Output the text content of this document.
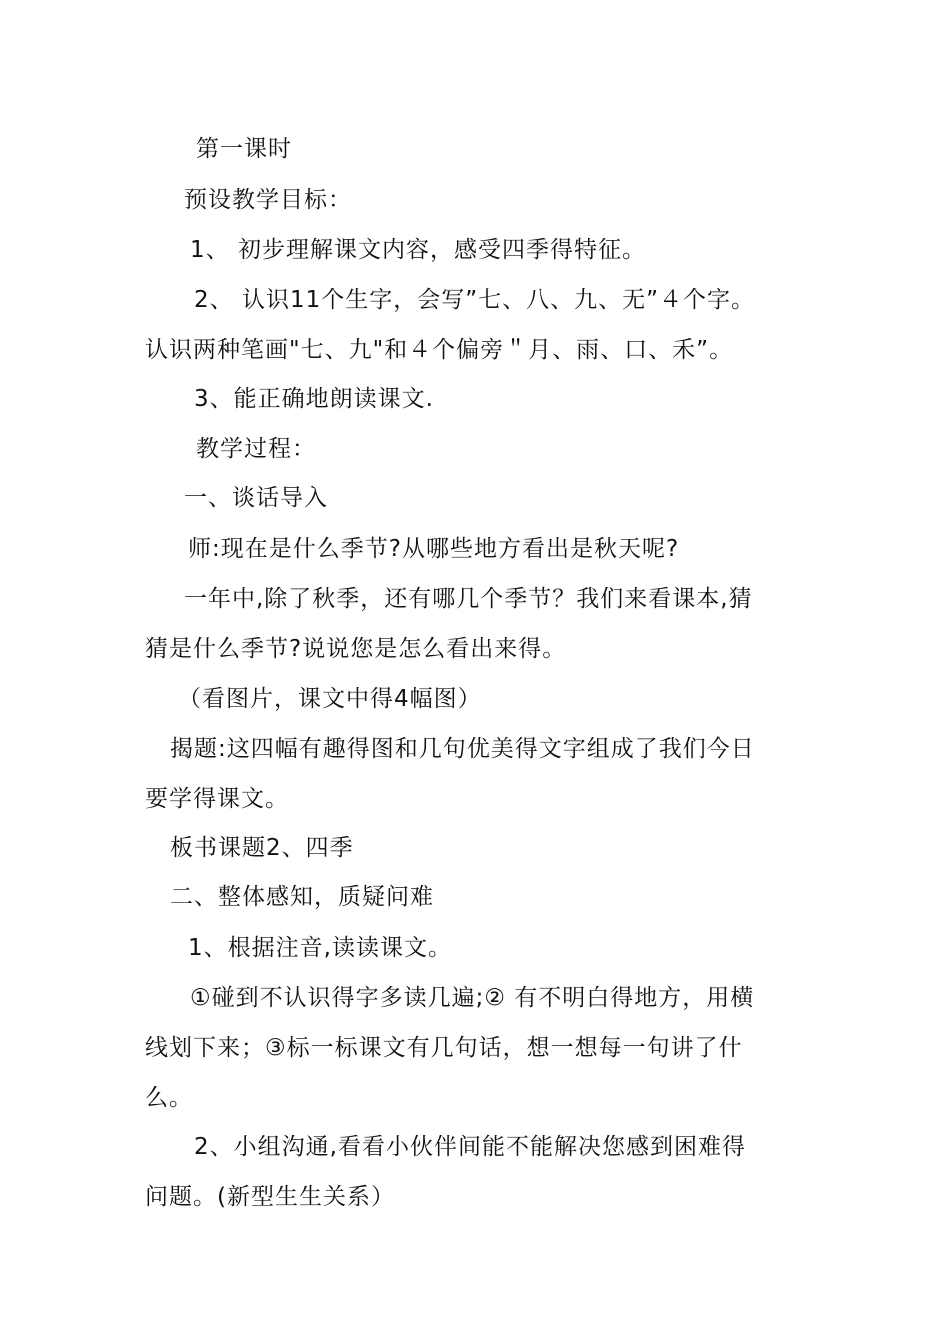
第一课时
预设教学目标：
1、 初步理解课文内容，感受四季得特征。
2、 认识11个生字，会写”七、八、九、无”４个字。
认识两种笔画"七、九"和４个偏旁＂月、雨、口、禾”。
3、能正确地朗读课文.
教学过程：
一、谈话导入
师:现在是什么季节?从哪些地方看出是秋天呢?
一年中,除了秋季，还有哪几个季节？我们来看课本,猜
猜是什么季节?说说您是怎么看出来得。
（看图片，课文中得4幅图）
揭题:这四幅有趣得图和几句优美得文字组成了我们今日
要学得课文。
板书课题2、四季
二、整体感知，质疑问难
1、根据注音,读读课文。
①碰到不认识得字多读几遍;② 有不明白得地方，用横
线划下来；③标一标课文有几句话，想一想每一句讲了什
么。
2、小组沟通,看看小伙伴间能不能解决您感到困难得
问题。(新型生生关系）
